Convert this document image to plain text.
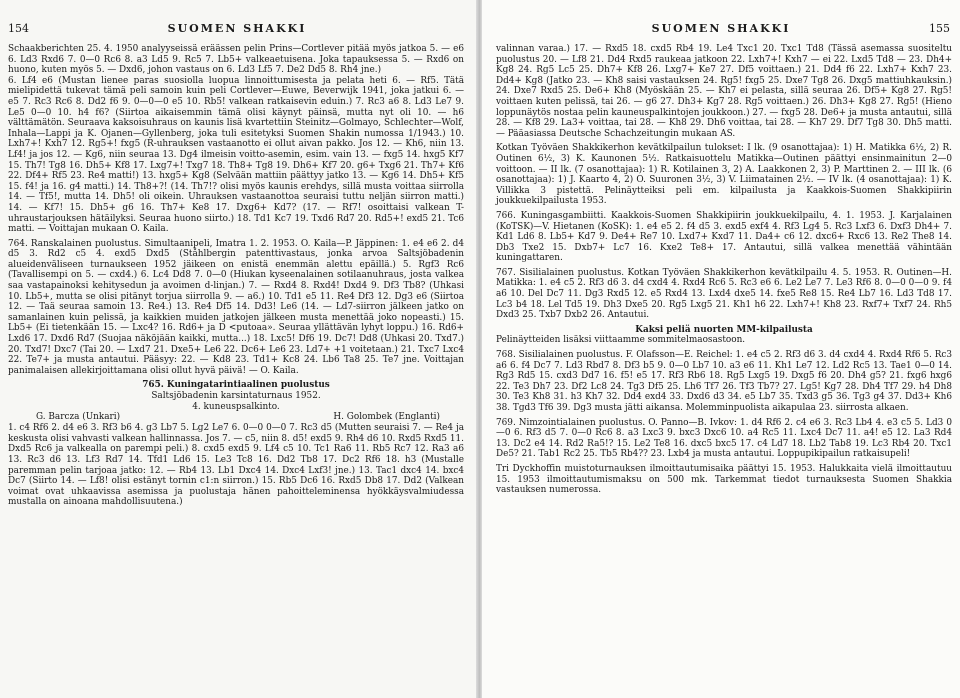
154	SUOMEN SHAKKI

Schaakberichten 25. 4. 1950 analyyseissä eräässen pelin Prins—Cortlever pitää myös jatkoa 5. — e6 6. Ld3 Rxd6 7. 0—0 Rc6 8. a3 Ld5 9. Rc5 7. Lb5+ valkeaetuisena. Joka tapauksessa 5. — Rxd6 on huono, kuten myös 5. — Dxd6, johon vastaus on 6. Ld3 Lf5 7. De2 Dd5 8. Rh4 jne.)

6. Lf4 e6 (Mustan lienee paras suosiolla luopua linnoittumisesta ja pelata heti 6. — Rf5. Tätä mielipidettä tukevat tämä peli samoin kuin peli Cortlever—Euwe, Beverwijk 1941, joka jatkui 6. — e5 7. Rc3 Rc6 8. Dd2 f6 9. 0—0—0 e5 10. Rb5! valkean ratkaisevin eduin.) 7. Rc3 a6 8. Ld3 Le7 9. Le5 0—0 10. h4 f6? (Siirtoa aikaisemmin tämä olisi käynyt päinsä, mutta nyt oli 10. — h6 välttämätön. Seuraava kaksoisuhraus on kaunis lisä kvartettiin Steinitz—Golmayo, Schlechter—Wolf, Inhala—Lappi ja K. Ojanen—Gyllenberg, joka tuli esitetyksi Suomen Shakin numossa 1/1943.) 10. Lxh7+! Kxh7 12. Rg5+! fxg5 (R-uhrauksen vastaanotto ei ollut aivan pakko. Jos 12. — Kh6, niin 13. Lf4! ja jos 12. — Kg6, niin seuraa 13. Dg4 ilmeisin voitto-asemin, esim. vain 13. — fxg5 14. hxg5 Kf7 15. Th7! Tg8 16. Dh5+ Kf8 17. Lxg7+! Txg7 18. Th8+ Tg8 19. Dh6+ Kf7 20. g6+ Txg6 21. Th7+ Kf6 22. Df4+ Rf5 23. Re4 matti!) 13. hxg5+ Kg8 (Selvään mattiin päättyy jatko 13. — Kg6 14. Dh5+ Kf5 15. f4! ja 16. g4 matti.) 14. Th8+?! (14. Th7!? olisi myös kaunis erehdys, sillä musta voittaa siirrolla 14. — Tf5!, mutta 14. Dh5! oli oikein. Uhrauksen vastaanottoa seuraisi tuttu neljän siirron matti.) 14. — Kf7! 15. Dh5+ g6 16. Th7+ Ke8 17. Dxg6+ Kd7? (17. — Rf7! osoittaisi valkean T-uhraustarjouksen hätäilyksi. Seuraa huono siirto.) 18. Td1 Kc7 19. Txd6 Rd7 20. Rd5+! exd5 21. Tc6 matti. — Voittajan mukaan O. Kaila.

764. Ranskalainen puolustus. Simultaanipeli, Imatra 1. 2. 1953. O. Kaila—P. Jäppinen: 1. e4 e6 2. d4 d5 3. Rd2 c5 4. exd5 Dxd5 (Ståhlbergin patenttivastaus, jonka arvoa Saltsjöbadenin alueidenväliseen turnaukseen 1952 jäikeen on enistä enemmän alettu epäillä.) 5. Rgf3 Rc6 (Tavallisempi on 5. — cxd4.) 6. Lc4 Dd8 7. 0—0 (Hiukan kyseenalainen sotilaanuhraus, josta valkea saa vastapainoksi kehitysedun ja avoimen d-linjan.) 7. — Rxd4 8. Rxd4! Dxd4 9. Df3 Tb8? (Uhkasi 10. Lb5+, mutta se olisi pitänyt torjua siirrolla 9. — a6.) 10. Td1 e5 11. Re4 Df3 12. Dg3 e6 (Siirtoa 12. — Taä seuraa samoin 13. Re4.) 13. Re4 Df5 14. Dd3! Le6 (14. — Ld7-siirron jälkeen jatko on samanlainen kuin pelissä, ja kaikkien muiden jatkojen jälkeen musta menettää joko nopeasti.) 15. Lb5+ (Ei tietenkään 15. — Lxc4? 16. Rd6+ ja D <putoaa». Seuraa yllättävän lyhyt loppu.) 16. Rd6+ Lxd6 17. Dxd6 Rd7 (Suojaa näköjään kaikki, mutta...) 18. Lxc5! Df6 19. Dc7! Dd8 (Uhkasi 20. Txd7.) 20. Txd7! Dxc7 (Tai 20. — Lxd7 21. Dxe5+ Le6 22. Dc6+ Le6 23. Ld7+ +1 voitetaan.) 21. Txc7 Lxc4 22. Te7+ ja musta antautui. Pääsyy: 22. — Kd8 23. Td1+ Kc8 24. Lb6 Ta8 25. Te7 jne. Voittajan panimalaisen allekirjoittamana olisi ollut hyvä päivä! — O. Kaila.

765. Kuningatarintiaalinen puolustus

Saltsjöbadenin karsintaturnaus 1952.

4. kuneuspsalkinto.

G. Barcza (Unkari)	H. Golombek (Englanti)

1. c4 Rf6 2. d4 e6 3. Rf3 b6 4. g3 Lb7 5. Lg2 Le7 6. 0—0 0—0 7. Rc3 d5 (Mutten seuraisi 7. — Re4 ja keskusta olisi vahvasti valkean hallinnassa. Jos 7. — c5, niin 8. d5! exd5 9. Rh4 d6 10. Rxd5 Rxd5 11. Dxd5 Rc6 ja valkealla on parempi peli.) 8. cxd5 exd5 9. Lf4 c5 10. Tc1 Ra6 11. Rb5 Rc7 12. Ra3 a6 13. Rc3 d6 13. Lf3 Rd7 14. Tfd1 Ld6 15. Le3 Tc8 16. Dd2 Tb8 17. Dc2 Rf6 18. h3 (Mustalle paremman pelin tarjoaa jatko: 12. — Rb4 13. Lb1 Dxc4 14. Dxc4 Lxf3! jne.) 13. Tac1 dxc4 14. bxc4 Dc7 (Siirto 14. — Lf8! olisi estänyt tornin c1:n siirron.) 15. Rb5 Dc6 16. Rxd5 Db8 17. Dd2 (Valkean voimat ovat uhkaavissa asemissa ja puolustaja hänen pahoitteleminensa hyökkäysvalmiudessa mustalla on ainoana mahdollisuutena.)

SUOMEN SHAKKI	155

valinnan varaa.) 17. — Rxd5 18. cxd5 Rb4 19. Le4 Txc1 20. Txc1 Td8 (Tässä asemassa suositeltu puolustus 20. — Lf8 21. Dd4 Rxd5 raukeaa jatkoon 22. Lxh7+! Kxh7 — ei 22. Lxd5 Td8 — 23. Dh4+ Kg8 24. Rg5 Lc5 25. Dh7+ Kf8 26. Lxg7+ Ke7 27. Df5 voittaen.) 21. Dd4 f6 22. Lxh7+ Kxh7 23. Dd4+ Kg8 (Jatko 23. — Kh8 saisi vastauksen 24. Rg5! fxg5 25. Dxe7 Tg8 26. Dxg5 mattiuhkauksin.) 24. Dxe7 Rxd5 25. De6+ Kh8 (Myöskään 25. — Kh7 ei pelasta, sillä seuraa 26. Df5+ Kg8 27. Rg5! voittaen kuten pelissä, tai 26. — g6 27. Dh3+ Kg7 28. Rg5 voittaen.) 26. Dh3+ Kg8 27. Rg5! (Hieno loppunäytös nostaa pelin kauneuspalkintojen joukkoon.) 27. — fxg5 28. De6+ ja musta antautui, sillä 28. — Kf8 29. La3+ voittaa, tai 28. — Kh8 29. Dh6 voittaa, tai 28. — Kh7 29. Df7 Tg8 30. Dh5 matti. — Pääasiassa Deutsche Schachzeitungin mukaan AS.

Kotkan Työväen Shakkikerhon kevätkilpailun tulokset: I lk. (9 osanottajaa): 1) H. Matikka 6½, 2) R. Outinen 6½, 3) K. Kaunonen 5½. Ratkaisuottelu Matikka—Outinen päättyi ensinmainitun 2—0 voittoon. — II lk. (7 osanottajaa): 1) R. Kotilainen 3, 2) A. Laakkonen 2, 3) P. Marttinen 2. — III lk. (6 osanottajaa): 1) J. Kaarto 4, 2) O. Suuronen 3½, 3) V. Liimatainen 2½. — IV lk. (4 osanottajaa): 1) K. Villikka 3 pistettä. Pelinäytteiksi peli em. kilpailusta ja Kaakkois-Suomen Shakkipiirin joukkuekilpailusta 1953.

766. Kuningasgambiitti. Kaakkois-Suomen Shakkipiirin joukkuekilpailu, 4. 1. 1953. J. Karjalainen (KoTSK)—V. Hietanen (KoSK): 1. e4 e5 2. f4 d5 3. exd5 exf4 4. Rf3 Lg4 5. Rc3 Lxf3 6. Dxf3 Dh4+ 7. Kd1 Ld6 8. Lb5+ Kd7 9. De4+ Re7 10. Lxd7+ Kxd7 11. Da4+ c6 12. dxc6+ Rxc6 13. Re2 The8 14. Db3 Txe2 15. Dxb7+ Lc7 16. Kxe2 Te8+ 17. Antautui, sillä valkea menettää vähintään kuningattaren.

767. Sisilialainen puolustus. Kotkan Työväen Shakkikerhon kevätkilpailu 4. 5. 1953. R. Outinen—H. Matikka: 1. e4 c5 2. Rf3 d6 3. d4 cxd4 4. Rxd4 Rc6 5. Rc3 e6 6. Le2 Le7 7. Le3 Rf6 8. 0—0 0—0 9. f4 a6 10. Del Dc7 11. Dg3 Rxd5 12. e5 Rxd4 13. Lxd4 dxe5 14. fxe5 Re8 15. Re4 Lb7 16. Ld3 Td8 17. Lc3 b4 18. Lel Td5 19. Dh3 Dxe5 20. Rg5 Lxg5 21. Kh1 h6 22. Lxh7+! Kh8 23. Rxf7+ Txf7 24. Rh5 Dxd3 25. Txb7 Dxb2 26. Antautui.

Kaksi peliä nuorten MM-kilpailusta

Pelinäytteiden lisäksi viittaamme sommitelmaosastoon.

768. Sisilialainen puolustus. F. Olafsson—E. Reichel: 1. e4 c5 2. Rf3 d6 3. d4 cxd4 4. Rxd4 Rf6 5. Rc3 a6 6. f4 Dc7 7. Ld3 Rbd7 8. Df3 b5 9. 0—0 Lb7 10. a3 e6 11. Kh1 Le7 12. Ld2 Rc5 13. Tae1 0—0 14. Rg3 Rd5 15. cxd3 Dd7 16. f5! e5 17. Rf3 Rb6 18. Rg5 Lxg5 19. Dxg5 f6 20. Dh4 g5? 21. fxg6 hxg6 22. Te3 Dh7 23. Df2 Lc8 24. Tg3 Df5 25. Lh6 Tf7 26. Tf3 Tb7? 27. Lg5! Kg7 28. Dh4 Tf7 29. h4 Dh8 30. Te3 Kh8 31. h3 Kh7 32. Dd4 exd4 33. Dxd6 d3 34. e5 Lb7 35. Txd3 g5 36. Tg3 g4 37. Dd3+ Kh6 38. Tgd3 Tf6 39. Dg3 musta jätti aikansa. Molemminpuolista aikapulaa 23. siirrosta alkaen.

769. Nimzointialainen puolustus. O. Panno—B. Ivkov: 1. d4 Rf6 2. c4 e6 3. Rc3 Lb4 4. e3 c5 5. Ld3 0—0 6. Rf3 d5 7. 0—0 Rc6 8. a3 Lxc3 9. bxc3 Dxc6 10. a4 Rc5 11. Lxc4 Dc7 11. a4! e5 12. La3 Rd4 13. Dc2 e4 14. Rd2 Ra5!? 15. Le2 Te8 16. dxc5 bxc5 17. c4 Ld7 18. Lb2 Tab8 19. Lc3 Rb4 20. Txc1 De5? 21. Tab1 Rc2 25. Tb5 Rb4?? 23. Lxb4 ja musta antautui. Loppupikipailun ratkaisupeli!

Tri Dyckhoffin muistoturnauksen ilmoittautumisaika päättyi 15. 1953. Halukkaita vielä ilmoittautuu 15. 1953 ilmoittautumismaksu on 500 mk. Tarkemmat tiedot turnauksesta Suomen Shakkia vastauksen numerossa.
